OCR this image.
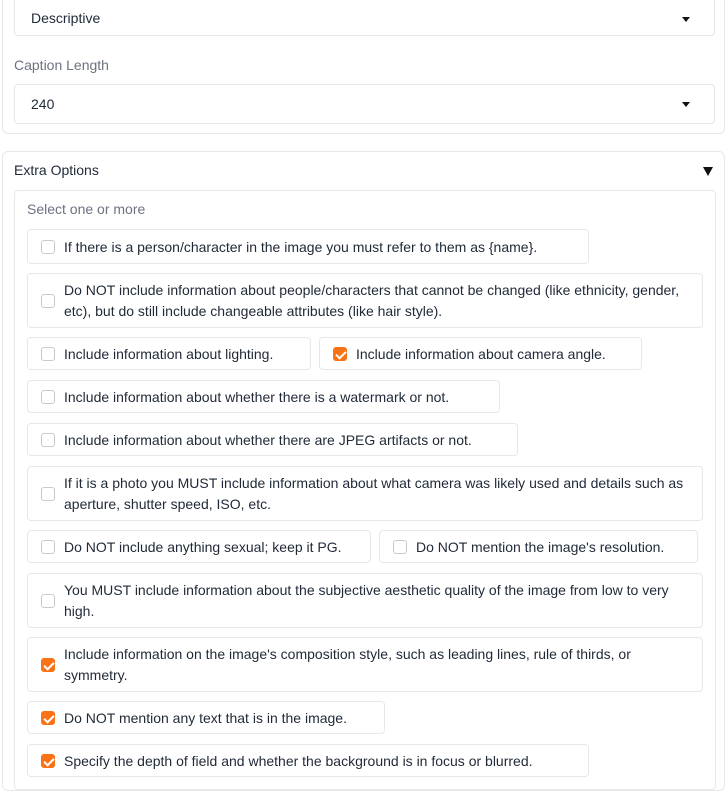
Descriptive
Caption Length
240
Extra Options
Select one or more
If there is a person/character in the image you must refer to them as {name}.
Do NOT include information about people/characters that cannot be changed (like ethnicity, gender, etc), but do still include changeable attributes (like hair style).
Include information about lighting.	Include information about camera angle.
Include information about whether there is a watermark or not.
Include information about whether there are JPEG artifacts or not.
If it is a photo you MUST include information about what camera was likely used and details such as aperture, shutter speed, ISO, etc.
Do NOT include anything sexual; keep it PG.	Do NOT mention the image's resolution.
You MUST include information about the subjective aesthetic quality of the image from low to very high.
Include information on the image's composition style, such as leading lines, rule of thirds, or symmetry.
Do NOT mention any text that is in the image.
Specify the depth of field and whether the background is in focus or blurred.
